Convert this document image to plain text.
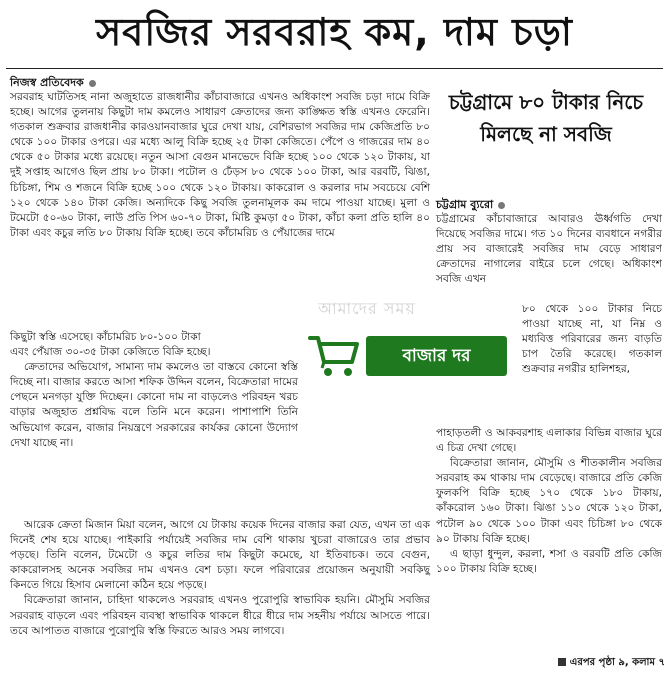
সবজির সরবরাহ কম, দাম চড়া
নিজস্ব প্রতিবেদক

সরবরাহ ঘাটতিসহ নানা অজুহাতে রাজধানীর কাঁচাবাজারে এখনও অধিকাংশ সবজি চড়া দামে বিক্রি হচ্ছে। আগের তুলনায় কিছুটা দাম কমলেও সাধারণ ক্রেতাদের জন্য কাঙ্ক্ষিত স্বস্তি এখনও ফেরেনি। গতকাল শুক্রবার রাজধানীর কারওয়ানবাজার ঘুরে দেখা যায়, বেশিরভাগ সবজির দাম কেজিপ্রতি ৮০ থেকে ১০০ টাকার ওপরে। এর মধ্যে আলু বিক্রি হচ্ছে ২৫ টাকা কেজিতে। পেঁপে ও গাজরের দাম ৪০ থেকে ৫০ টাকার মধ্যে রয়েছে। নতুন আসা বেগুন মানভেদে বিক্রি হচ্ছে ১০০ থেকে ১২০ টাকায়, যা দুই সপ্তাহ আগেও ছিল প্রায় ৮০ টাকা। পটোল ও ঢেঁড়স ৮০ থেকে ১০০ টাকা, আর বরবটি, ঝিঙা, চিচিঙ্গা, শিম ও শজনে বিক্রি হচ্ছে ১০০ থেকে ১২০ টাকায়। কাকরোল ও করলার দাম সবচেয়ে বেশি ১২০ থেকে ১৪০ টাকা কেজি। অন্যদিকে কিছু সবজি তুলনামূলক কম দামে পাওয়া যাচ্ছে। মুলা ও টমেটো ৫০-৬০ টাকা, লাউ প্রতি পিস ৬০-৭০ টাকা, মিষ্টি কুমড়া ৫০ টাকা, কাঁচা কলা প্রতি হালি ৪০ টাকা এবং কচুর লতি ৮০ টাকায় বিক্রি হচ্ছে। তবে কাঁচামরিচ ও পেঁয়াজের দামে

কিছুটা স্বস্তি এসেছে। কাঁচামরিচ ৮০-১০০ টাকা

এবং পেঁয়াজ ৩০-৩৫ টাকা কেজিতে বিক্রি হচ্ছে।

ক্রেতাদের অভিযোগ, সামান্য দাম কমলেও তা বাস্তবে কোনো স্বস্তি দিচ্ছে না। বাজার করতে আসা শফিক উদ্দিন বলেন, বিক্রেতারা দামের পেছনে মনগড়া যুক্তি দিচ্ছেন। কোনো দাম না বাড়লেও পরিবহন খরচ বাড়ার অজুহাত প্রশ্নবিদ্ধ বলে তিনি মনে করেন। পাশাপাশি তিনি অভিযোগ করেন, বাজার নিয়ন্ত্রণে সরকারের কার্যকর কোনো উদ্যোগ দেখা যাচ্ছে না।

আরেক ক্রেতা মিজান মিয়া বলেন, আগে যে টাকায় কয়েক দিনের বাজার করা যেত, এখন তা এক দিনেই শেষ হয়ে যাচ্ছে। পাইকারি পর্যায়েই সবজির দাম বেশি থাকায় খুচরা বাজারেও তার প্রভাব পড়ছে। তিনি বলেন, টমেটো ও কচুর লতির দাম কিছুটা কমেছে, যা ইতিবাচক। তবে বেগুন, কাকরোলসহ অনেক সবজির দাম এখনও বেশ চড়া। ফলে পরিবারের প্রয়োজন অনুযায়ী সবকিছু কিনতে গিয়ে হিসাব মেলানো কঠিন হয়ে পড়ছে।

বিক্রেতারা জানান, চাহিদা থাকলেও সরবরাহ এখনও পুরোপুরি স্বাভাবিক হয়নি। মৌসুমি সবজির সরবরাহ বাড়লে এবং পরিবহন ব্যবস্থা স্বাভাবিক থাকলে ধীরে ধীরে দাম সহনীয় পর্যায়ে আসতে পারে। তবে আপাতত বাজারে পুরোপুরি স্বস্তি ফিরতে আরও সময় লাগবে।

চট্টগ্রামে ৮০ টাকার নিচে মিলছে না সবজি
চট্টগ্রাম ব্যুরো

চট্টগ্রামের কাঁচাবাজারে আবারও ঊর্ধ্বগতি দেখা দিয়েছে সবজির দামে। গত ১০ দিনের ব্যবধানে নগরীর প্রায় সব বাজারেই সবজির দাম বেড়ে সাধারণ ক্রেতাদের নাগালের বাইরে চলে গেছে। অধিকাংশ সবজি এখন

৮০ থেকে ১০০ টাকার নিচে পাওয়া যাচ্ছে না, যা নিম্ন ও মধ্যবিত্ত পরিবারের জন্য বাড়তি চাপ তৈরি করেছে। গতকাল শুক্রবার নগরীর হালিশহর,

পাহাড়তলী ও আকবরশাহ এলাকার বিভিন্ন বাজার ঘুরে এ চিত্র দেখা গেছে।

বিক্রেতারা জানান, মৌসুমি ও শীতকালীন সবজির সরবরাহ কম থাকায় দাম বেড়েছে। বাজারে প্রতি কেজি ফুলকপি বিক্রি হচ্ছে ১৭০ থেকে ১৮০ টাকায়, কাঁকরোল ১৬০ টাকা। ঝিঙা ১১০ থেকে ১২০ টাকা, পটোল ৯০ থেকে ১০০ টাকা এবং চিচিঙ্গা ৮০ থেকে ৯০ টাকায় বিক্রি হচ্ছে।

এ ছাড়া ধুন্দুল, করলা, শসা ও বরবটি প্রতি কেজি ১০০ টাকায় বিক্রি হচ্ছে।

এরপর পৃষ্ঠা ৯, কলাম ৭
আমাদের সময়
বাজার দর
